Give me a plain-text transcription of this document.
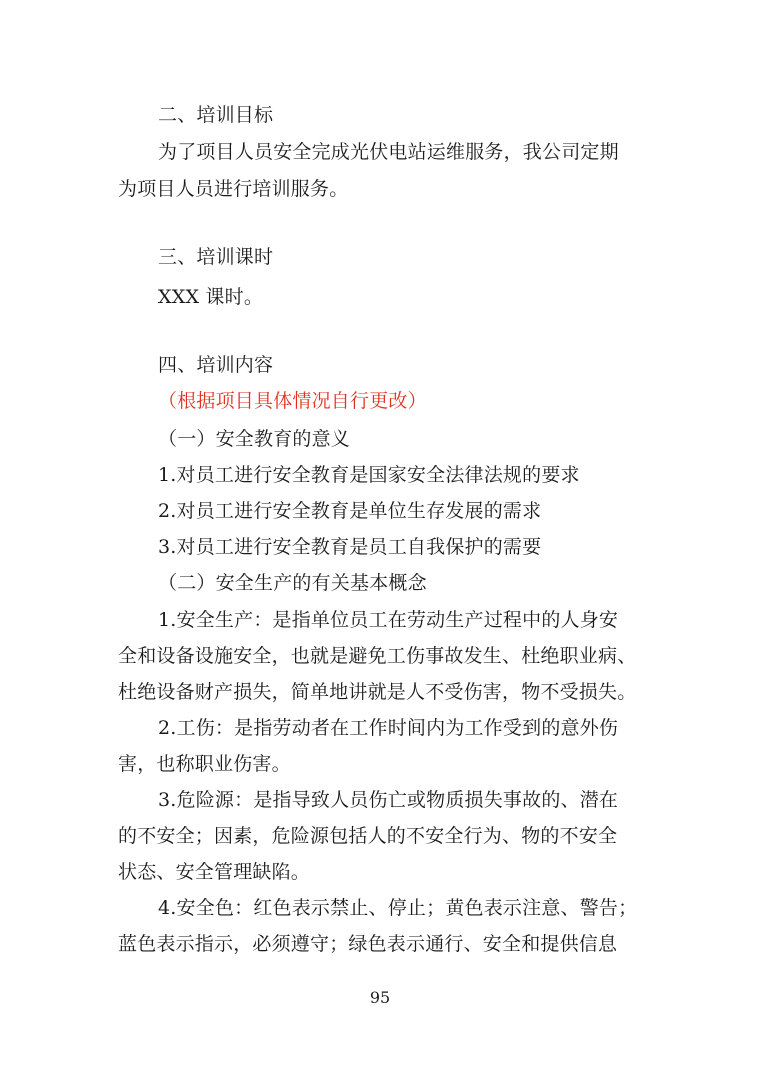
二、培训目标
为了项目人员安全完成光伏电站运维服务，我公司定期
为项目人员进行培训服务。
三、培训课时
XXX 课时。
四、培训内容
（根据项目具体情况自行更改）
（一）安全教育的意义
1.对员工进行安全教育是国家安全法律法规的要求
2.对员工进行安全教育是单位生存发展的需求
3.对员工进行安全教育是员工自我保护的需要
（二）安全生产的有关基本概念
1.安全生产：是指单位员工在劳动生产过程中的人身安
全和设备设施安全，也就是避免工伤事故发生、杜绝职业病、
杜绝设备财产损失，简单地讲就是人不受伤害，物不受损失。
2.工伤：是指劳动者在工作时间内为工作受到的意外伤
害，也称职业伤害。
3.危险源：是指导致人员伤亡或物质损失事故的、潜在
的不安全；因素，危险源包括人的不安全行为、物的不安全
状态、安全管理缺陷。
4.安全色：红色表示禁止、停止；黄色表示注意、警告；
蓝色表示指示，必须遵守；绿色表示通行、安全和提供信息
95
